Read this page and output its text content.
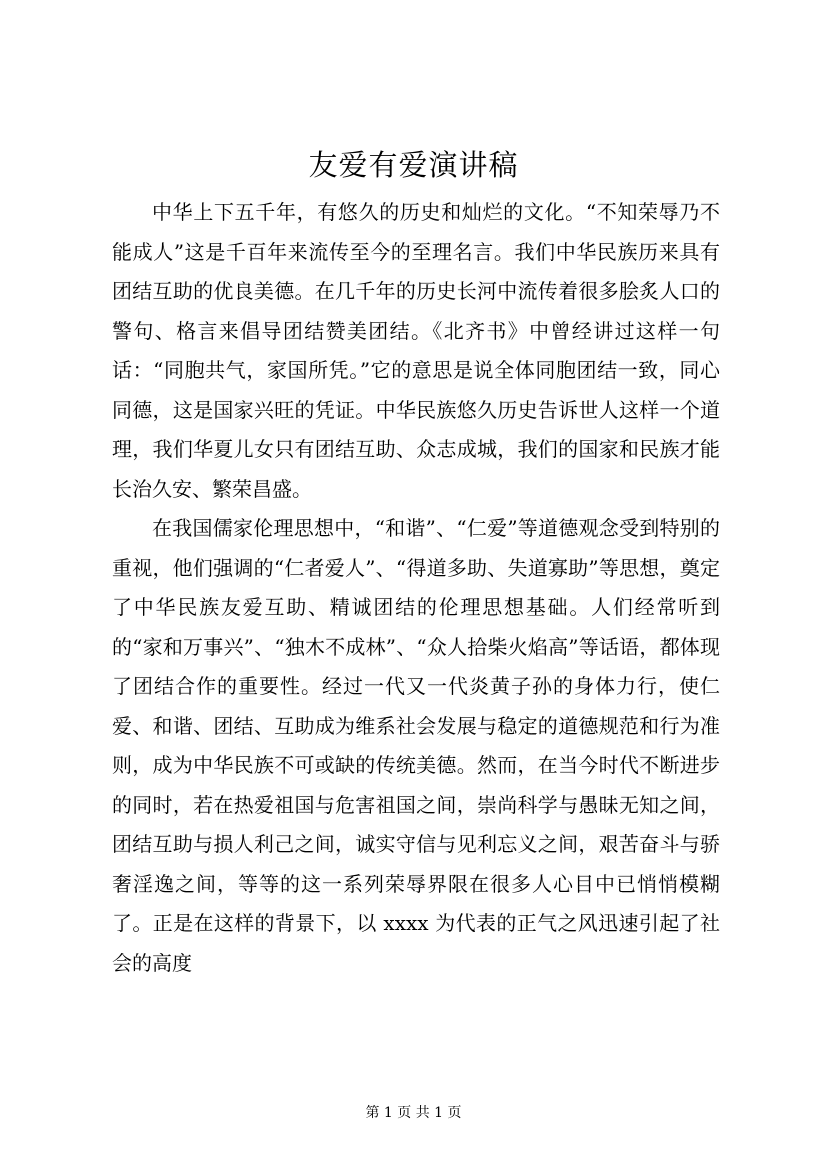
友爱有爱演讲稿

中华上下五千年，有悠久的历史和灿烂的文化。“不知荣辱乃不能成人”这是千百年来流传至今的至理名言。我们中华民族历来具有团结互助的优良美德。在几千年的历史长河中流传着很多脍炙人口的警句、格言来倡导团结赞美团结。《北齐书》中曾经讲过这样一句话：“同胞共气，家国所凭。”它的意思是说全体同胞团结一致，同心同德，这是国家兴旺的凭证。中华民族悠久历史告诉世人这样一个道理，我们华夏儿女只有团结互助、众志成城，我们的国家和民族才能长治久安、繁荣昌盛。

在我国儒家伦理思想中，“和谐”、“仁爱”等道德观念受到特别的重视，他们强调的“仁者爱人”、“得道多助、失道寡助”等思想，奠定了中华民族友爱互助、精诚团结的伦理思想基础。人们经常听到的“家和万事兴”、“独木不成林”、“众人拾柴火焰高”等话语，都体现了团结合作的重要性。经过一代又一代炎黄子孙的身体力行，使仁爱、和谐、团结、互助成为维系社会发展与稳定的道德规范和行为准则，成为中华民族不可或缺的传统美德。然而，在当今时代不断进步的同时，若在热爱祖国与危害祖国之间，崇尚科学与愚昧无知之间，团结互助与损人利己之间，诚实守信与见利忘义之间，艰苦奋斗与骄奢淫逸之间，等等的这一系列荣辱界限在很多人心目中已悄悄模糊了。正是在这样的背景下，以 xxxx 为代表的正气之风迅速引起了社会的高度

第 1 页 共 1 页
